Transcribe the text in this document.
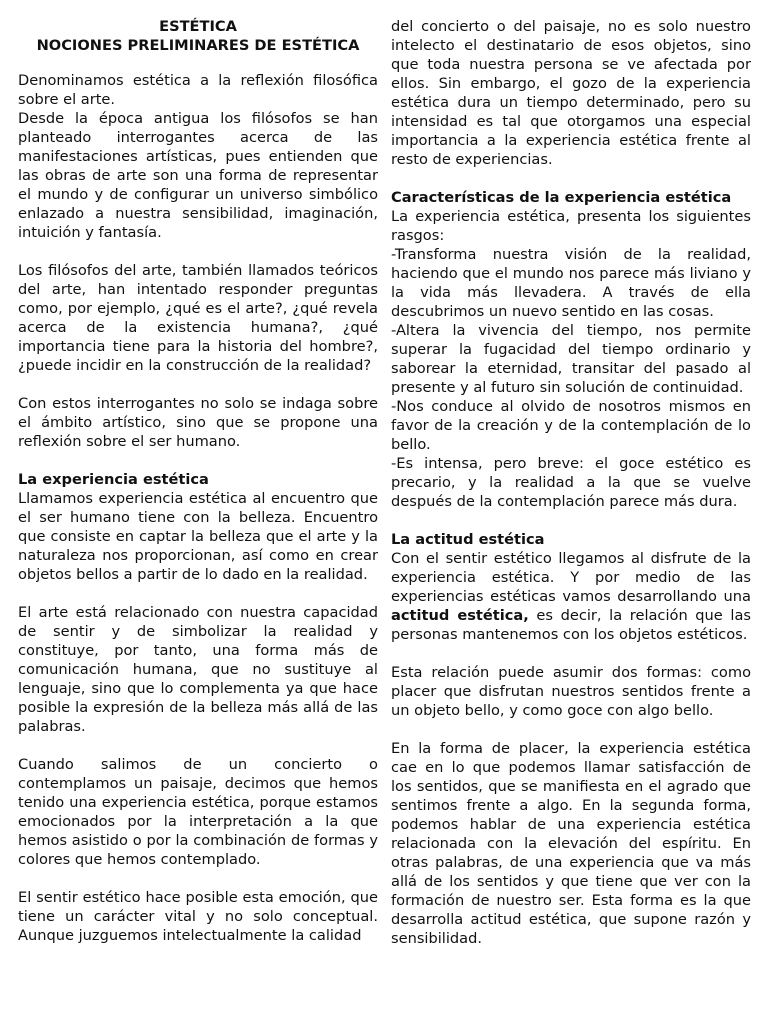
ESTÉTICA
NOCIONES PRELIMINARES DE ESTÉTICA
Denominamos estética a la reflexión filosófica sobre el arte.
Desde la época antigua los filósofos se han planteado interrogantes acerca de las manifestaciones artísticas, pues entienden que las obras de arte son una forma de representar el mundo y de configurar un universo simbólico enlazado a nuestra sensibilidad, imaginación, intuición y fantasía.

Los filósofos del arte, también llamados teóricos del arte, han intentado responder preguntas como, por ejemplo, ¿qué es el arte?, ¿qué revela acerca de la existencia humana?, ¿qué importancia tiene para la historia del hombre?, ¿puede incidir en la construcción de la realidad?

Con estos interrogantes no solo se indaga sobre el ámbito artístico, sino que se propone una reflexión sobre el ser humano.

La experiencia estética

Llamamos experiencia estética al encuentro que el ser humano tiene con la belleza. Encuentro que consiste en captar la belleza que el arte y la naturaleza nos proporcionan, así como en crear objetos bellos a partir de lo dado en la realidad.

El arte está relacionado con nuestra capacidad de sentir y de simbolizar la realidad y constituye, por tanto, una forma más de comunicación humana, que no sustituye al lenguaje, sino que lo complementa ya que hace posible la expresión de la belleza más allá de las palabras.

Cuando salimos de un concierto o contemplamos un paisaje, decimos que hemos tenido una experiencia estética, porque estamos emocionados por la interpretación a la que hemos asistido o por la combinación de formas y colores que hemos contemplado.

El sentir estético hace posible esta emoción, que tiene un carácter vital y no solo conceptual. Aunque juzguemos intelectualmente la calidad

del concierto o del paisaje, no es solo nuestro intelecto el destinatario de esos objetos, sino que toda nuestra persona se ve afectada por ellos. Sin embargo, el gozo de la experiencia estética dura un tiempo determinado, pero su intensidad es tal que otorgamos una especial importancia a la experiencia estética frente al resto de experiencias.

Características de la experiencia estética
La experiencia estética, presenta los siguientes rasgos:
-Transforma nuestra visión de la realidad, haciendo que el mundo nos parece más liviano y la vida más llevadera. A través de ella descubrimos un nuevo sentido en las cosas.
-Altera la vivencia del tiempo, nos permite superar la fugacidad del tiempo ordinario y saborear la eternidad, transitar del pasado al presente y al futuro sin solución de continuidad.
-Nos conduce al olvido de nosotros mismos en favor de la creación y de la contemplación de lo bello.
-Es intensa, pero breve: el goce estético es precario, y la realidad a la que se vuelve después de la contemplación parece más dura.
La actitud estética

Con el sentir estético llegamos al disfrute de la experiencia estética. Y por medio de las experiencias estéticas vamos desarrollando una actitud estética, es decir, la relación que las personas mantenemos con los objetos estéticos.

Esta relación puede asumir dos formas: como placer que disfrutan nuestros sentidos frente a un objeto bello, y como goce con algo bello.

En la forma de placer, la experiencia estética cae en lo que podemos llamar satisfacción de los sentidos, que se manifiesta en el agrado que sentimos frente a algo. En la segunda forma, podemos hablar de una experiencia estética relacionada con la elevación del espíritu. En otras palabras, de una experiencia que va más allá de los sentidos y que tiene que ver con la formación de nuestro ser. Esta forma es la que desarrolla actitud estética, que supone razón y sensibilidad.
